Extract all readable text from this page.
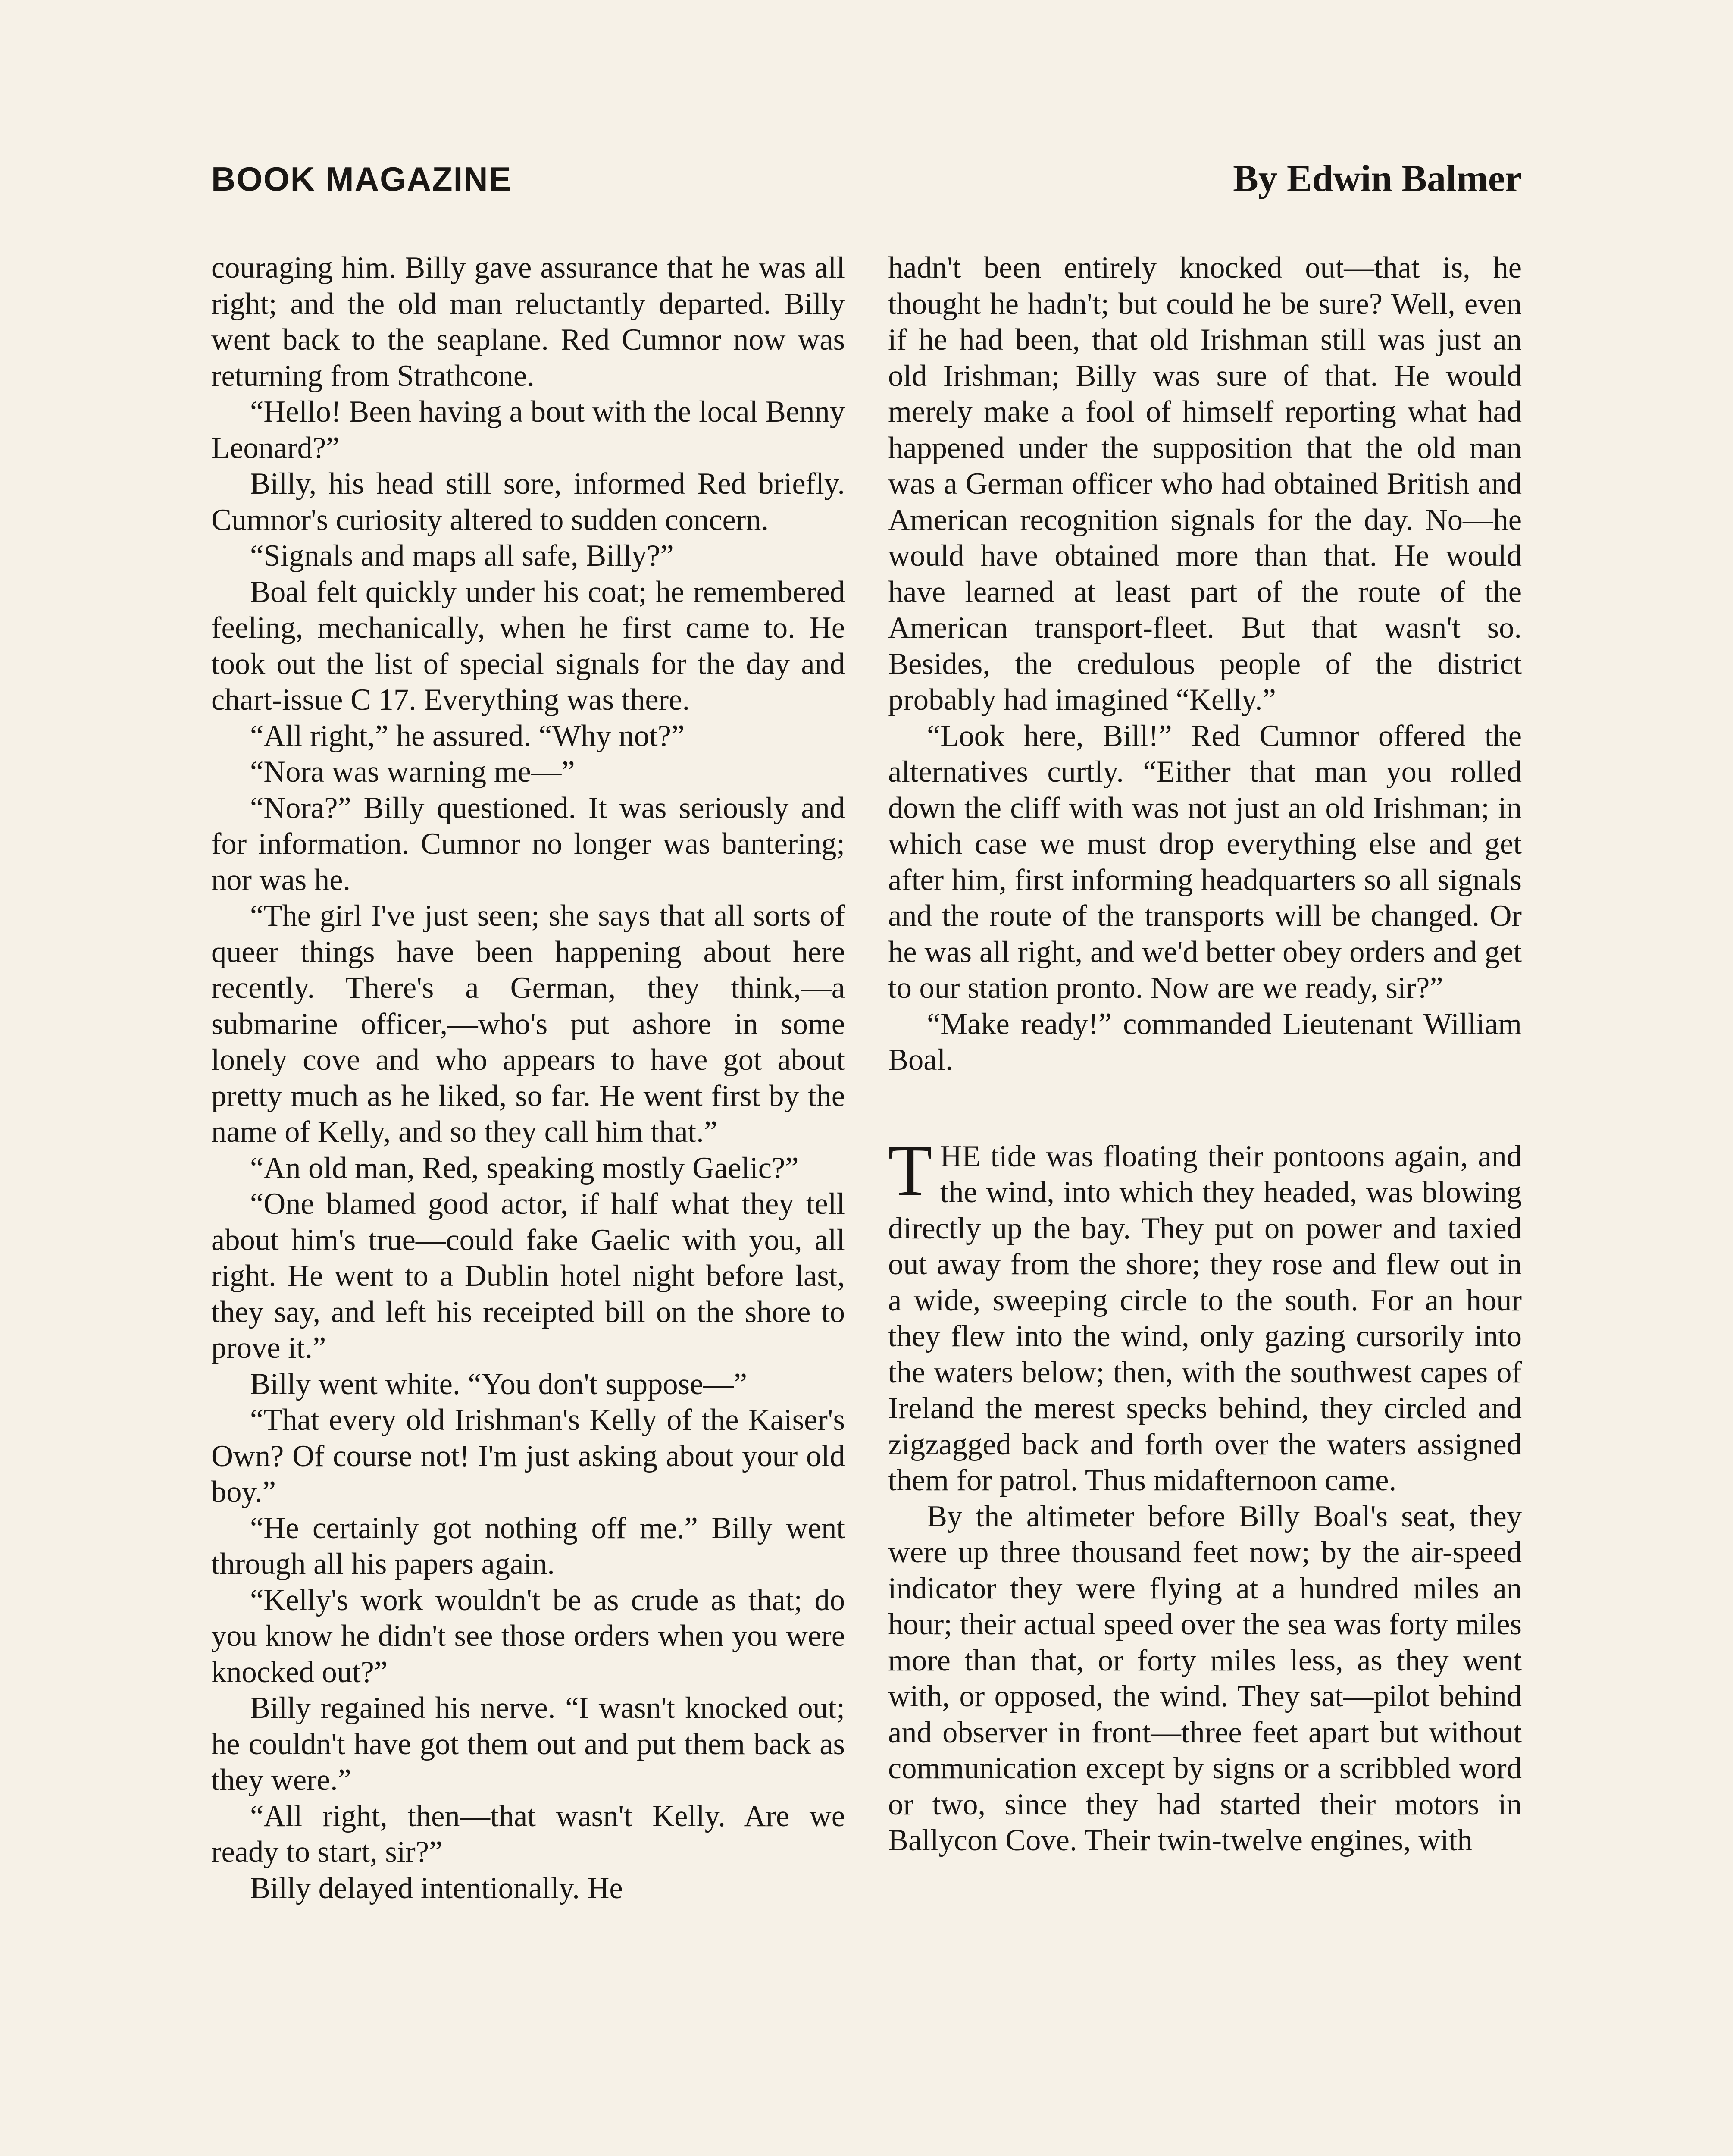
BOOK MAGAZINE	By Edwin Balmer

couraging him. Billy gave assurance that he was all right; and the old man reluctantly departed. Billy went back to the seaplane. Red Cumnor now was returning from Strathcone.

“Hello! Been having a bout with the local Benny Leonard?”

Billy, his head still sore, informed Red briefly. Cumnor's curiosity altered to sudden concern.

“Signals and maps all safe, Billy?”

Boal felt quickly under his coat; he remembered feeling, mechanically, when he first came to. He took out the list of special signals for the day and chart-issue C 17. Everything was there.

“All right,” he assured. “Why not?”

“Nora was warning me—”

“Nora?” Billy questioned. It was seriously and for information. Cumnor no longer was bantering; nor was he.

“The girl I've just seen; she says that all sorts of queer things have been happening about here recently. There's a German, they think,—a submarine officer,—who's put ashore in some lonely cove and who appears to have got about pretty much as he liked, so far. He went first by the name of Kelly, and so they call him that.”

“An old man, Red, speaking mostly Gaelic?”

“One blamed good actor, if half what they tell about him's true—could fake Gaelic with you, all right. He went to a Dublin hotel night before last, they say, and left his receipted bill on the shore to prove it.”

Billy went white. “You don't suppose—”

“That every old Irishman's Kelly of the Kaiser's Own? Of course not! I'm just asking about your old boy.”

“He certainly got nothing off me.” Billy went through all his papers again.

“Kelly's work wouldn't be as crude as that; do you know he didn't see those orders when you were knocked out?”

Billy regained his nerve. “I wasn't knocked out; he couldn't have got them out and put them back as they were.”

“All right, then—that wasn't Kelly. Are we ready to start, sir?”

Billy delayed intentionally. He

hadn't been entirely knocked out—that is, he thought he hadn't; but could he be sure? Well, even if he had been, that old Irishman still was just an old Irishman; Billy was sure of that. He would merely make a fool of himself reporting what had happened under the supposition that the old man was a German officer who had obtained British and American recognition signals for the day. No—he would have obtained more than that. He would have learned at least part of the route of the American transport-fleet. But that wasn't so. Besides, the credulous people of the district probably had imagined “Kelly.”

“Look here, Bill!” Red Cumnor offered the alternatives curtly. “Either that man you rolled down the cliff with was not just an old Irishman; in which case we must drop everything else and get after him, first informing headquarters so all signals and the route of the transports will be changed. Or he was all right, and we'd better obey orders and get to our station pronto. Now are we ready, sir?”

“Make ready!” commanded Lieutenant William Boal.

T HE tide was floating their pontoons again, and the wind, into which they headed, was blowing directly up the bay. They put on power and taxied out away from the shore; they rose and flew out in a wide, sweeping circle to the south. For an hour they flew into the wind, only gazing cursorily into the waters below; then, with the southwest capes of Ireland the merest specks behind, they circled and zigzagged back and forth over the waters assigned them for patrol. Thus midafternoon came.

By the altimeter before Billy Boal's seat, they were up three thousand feet now; by the air-speed indicator they were flying at a hundred miles an hour; their actual speed over the sea was forty miles more than that, or forty miles less, as they went with, or opposed, the wind. They sat—pilot behind and observer in front—three feet apart but without communication except by signs or a scribbled word or two, since they had started their motors in Ballycon Cove. Their twin-twelve engines, with
